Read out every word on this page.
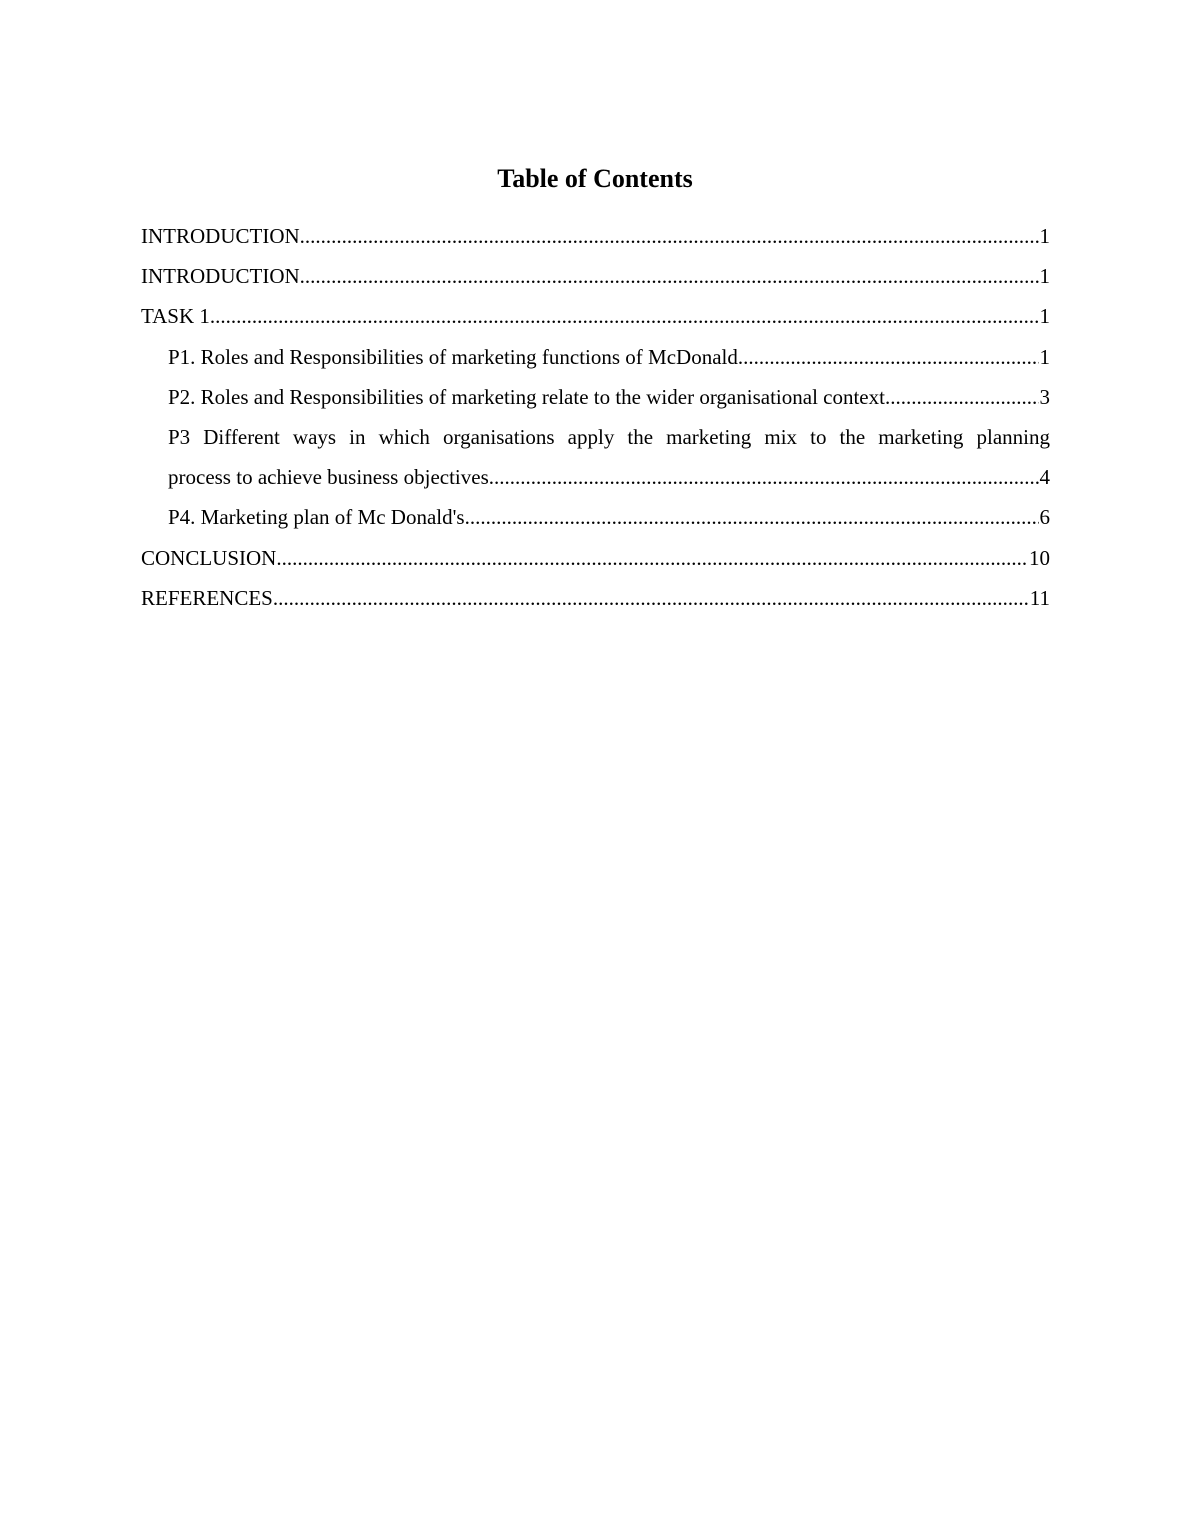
Table of Contents
INTRODUCTION .....	1
INTRODUCTION .....	1
TASK 1 .....	1
P1. Roles and Responsibilities of marketing functions of McDonald .....	1
P2. Roles and Responsibilities of marketing relate to the wider organisational context .....	3
P3 Different ways in which organisations apply the marketing mix to the marketing planning
process to achieve business objectives .....	4
P4. Marketing plan of Mc Donald's .....	6
CONCLUSION .....	10
REFERENCES .....	11
